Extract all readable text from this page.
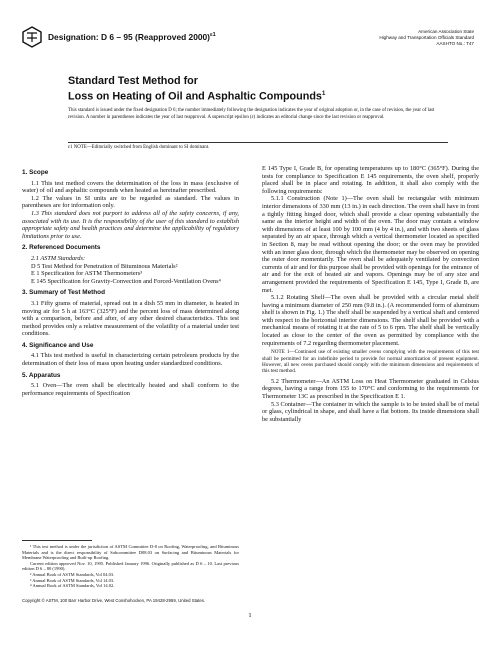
Designation: D 6 – 95 (Reapproved 2000)$^{\varepsilon 1}$
American Association State
Highway and Transportation Officials Standard
AASHTO No.: T47
Standard Test Method for
Loss on Heating of Oil and Asphaltic Compounds$^1$
This standard is issued under the fixed designation D 6; the number immediately following the designation indicates the year of original adoption or, in the case of revision, the year of last revision. A number in parentheses indicates the year of last reapproval. A superscript epsilon (ε) indicates an editorial change since the last revision or reapproval.
ε1 NOTE—Editorially switched from English dominant to SI dominant.
1. Scope

1.1 This test method covers the determination of the loss in mass (exclusive of water) of oil and asphaltic compounds when heated as hereinafter prescribed.

1.2 The values in SI units are to be regarded as standard. The values in parentheses are for information only.

1.3 This standard does not purport to address all of the safety concerns, if any, associated with its use. It is the responsibility of the user of this standard to establish appropriate safety and health practices and determine the applicability of regulatory limitations prior to use.

2. Referenced Documents

2.1 ASTM Standards:

D 5 Test Method for Penetration of Bituminous Materials²

E 1 Specification for ASTM Thermometers³

E 145 Specification for Gravity-Convection and Forced-Ventilation Ovens⁴

3. Summary of Test Method

3.1 Fifty grams of material, spread out in a dish 55 mm in diameter, is heated in moving air for 5 h at 163°C (325°F) and the percent loss of mass determined along with a comparison, before and after, of any other desired characteristics. This test method provides only a relative measurement of the volatility of a material under test conditions.

4. Significance and Use

4.1 This test method is useful in characterizing certain petroleum products by the determination of their loss of mass upon heating under standardized conditions.

5. Apparatus

5.1 Oven—The oven shall be electrically heated and shall conform to the performance requirements of Specification

E 145 Type I, Grade B, for operating temperatures up to 180°C (365°F). During the tests for compliance to Specification E 145 requirements, the oven shelf, properly placed shall be in place and rotating. In addition, it shall also comply with the following requirements:

5.1.1 Construction (Note 1)—The oven shall be rectangular with minimum interior dimensions of 330 mm (13 in.) in each direction. The oven shall have in front a tightly fitting hinged door, which shall provide a clear opening substantially the same as the interior height and width of the oven. The door may contain a window with dimensions of at least 100 by 100 mm (4 by 4 in.), and with two sheets of glass separated by an air space, through which a vertical thermometer located as specified in Section 8, may be read without opening the door; or the oven may be provided with an inner glass door, through which the thermometer may be observed on opening the outer door momentarily. The oven shall be adequately ventilated by convection currents of air and for this purpose shall be provided with openings for the entrance of air and for the exit of heated air and vapors. Openings may be of any size and arrangement provided the requirements of Specification E 145, Type I, Grade B, are met.

5.1.2 Rotating Shelf—The oven shall be provided with a circular metal shelf having a minimum diameter of 250 mm (9.8 in.). (A recommended form of aluminum shelf is shown in Fig. 1.) The shelf shall be suspended by a vertical shaft and centered with respect to the horizontal interior dimensions. The shelf shall be provided with a mechanical means of rotating it at the rate of 5 to 6 rpm. The shelf shall be vertically located as close to the center of the oven as permitted by compliance with the requirements of 7.2 regarding thermometer placement.

NOTE 1—Continued use of existing smaller ovens complying with the requirements of this test shall be permitted for an indefinite period to provide for normal amortization of present equipment. However, all new ovens purchased should comply with the minimum dimensions and requirements of this test method.

5.2 Thermometer—An ASTM Loss on Heat Thermometer graduated in Celsius degrees, having a range from 155 to 170°C and conforming to the requirements for Thermometer 13C as prescribed in the Specification E 1.

5.3 Container—The container in which the sample is to be tested shall be of metal or glass, cylindrical in shape, and shall have a flat bottom. Its inside dimensions shall be substantially

¹ This test method is under the jurisdiction of ASTM Committee D-8 on Roofing, Waterproofing, and Bituminous Materials and is the direct responsibility of Subcommittee D08.03 on Surfacing and Bituminous Materials for Membrane Waterproofing and Built-up Roofing.

Current edition approved Nov. 10, 1995. Published January 1996. Originally published as D 6 – 10. Last previous edition D 6 – 80 (1990).

² Annual Book of ASTM Standards, Vol 04.03.

³ Annual Book of ASTM Standards, Vol 14.03.

⁴ Annual Book of ASTM Standards, Vol 14.02.

Copyright © ASTM, 100 Barr Harbor Drive, West Conshohocken, PA 19428-2959, United States.
1
